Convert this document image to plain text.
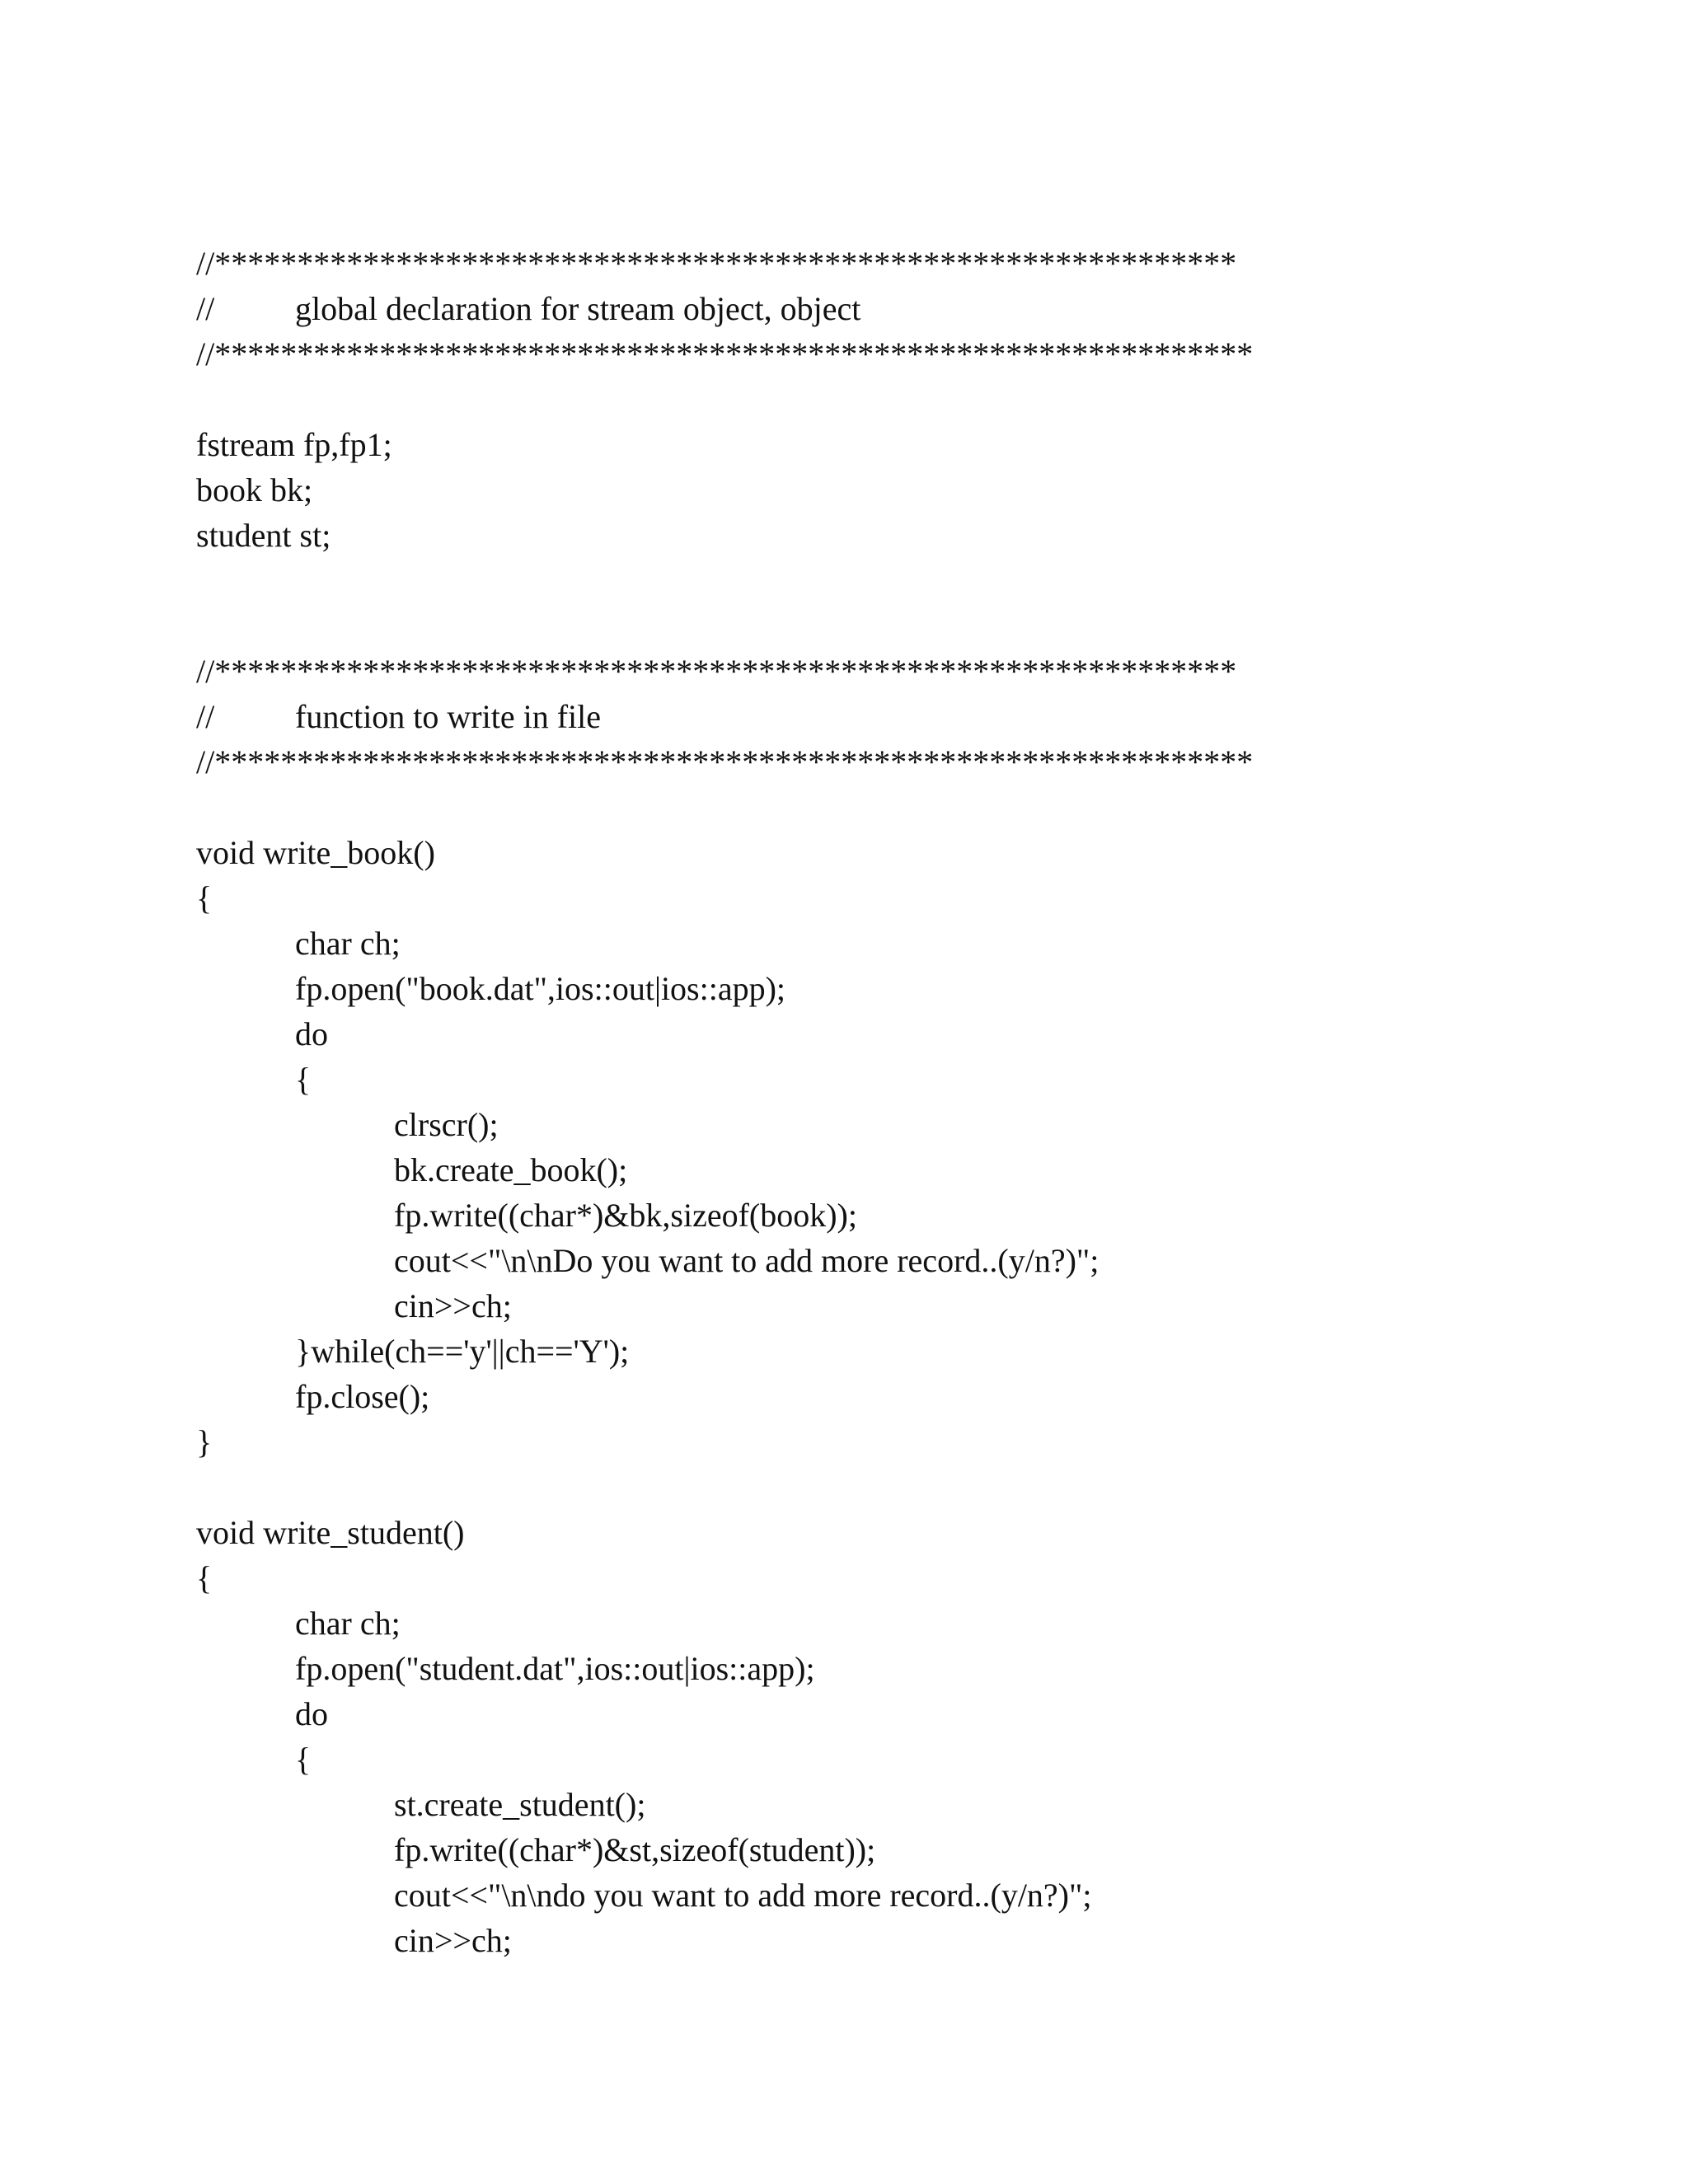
//**************************************************************
// global declaration for stream object, object
//***************************************************************
fstream fp,fp1;
book bk;
student st;
//**************************************************************
// function to write in file
//***************************************************************
void write_book()
{
char ch;
fp.open("book.dat",ios::out|ios::app);
do
{
clrscr();
bk.create_book();
fp.write((char*)&bk,sizeof(book));
cout<<"\n\nDo you want to add more record..(y/n?)";
cin>>ch;
}while(ch=='y'||ch=='Y');
fp.close();
}
void write_student()
{
char ch;
fp.open("student.dat",ios::out|ios::app);
do
{
st.create_student();
fp.write((char*)&st,sizeof(student));
cout<<"\n\ndo you want to add more record..(y/n?)";
cin>>ch;
